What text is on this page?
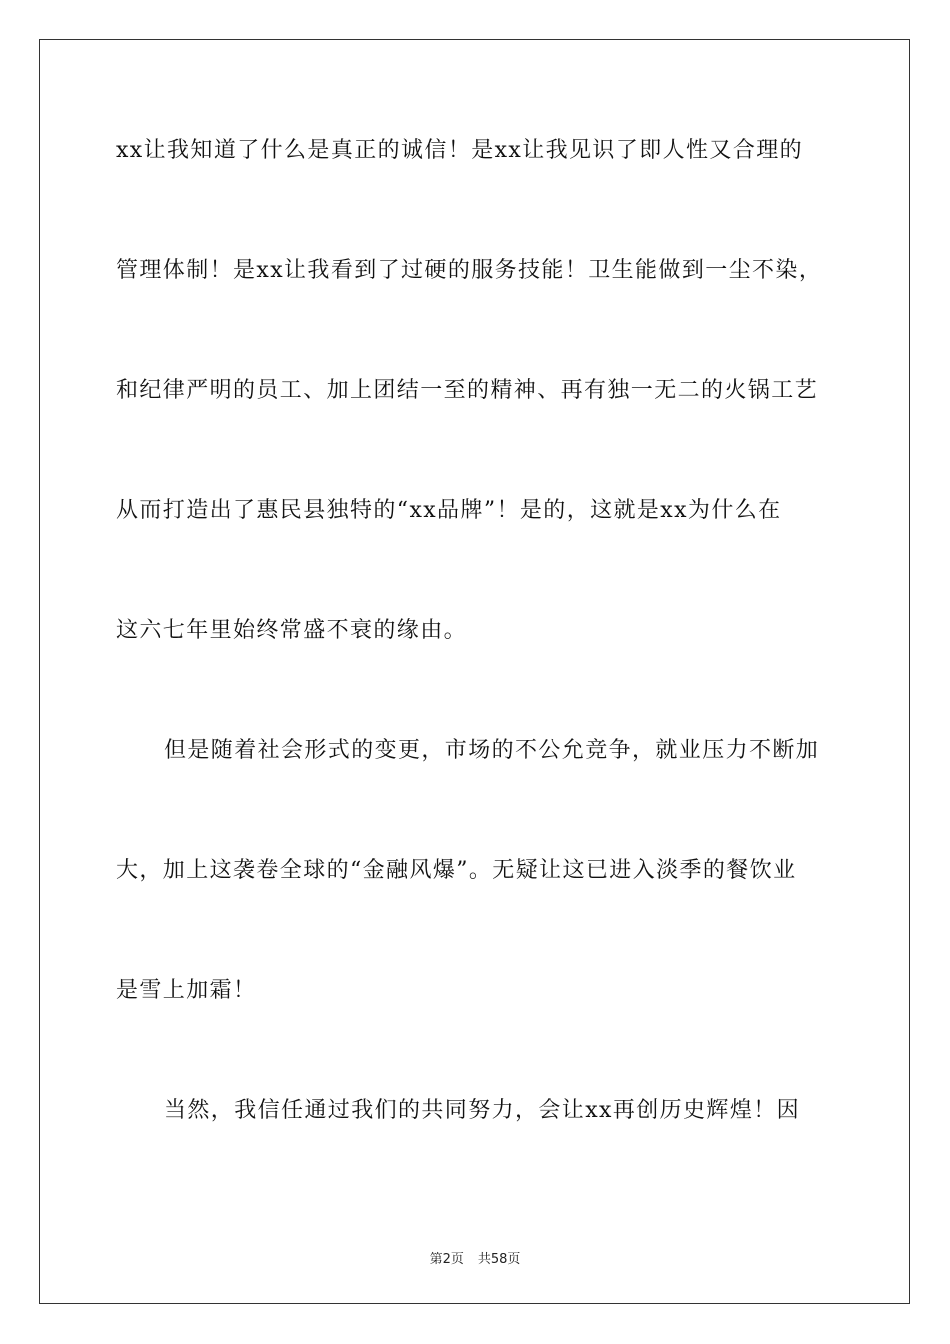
xx让我知道了什么是真正的诚信！是xx让我见识了即人性又合理的
管理体制！是xx让我看到了过硬的服务技能！卫生能做到一尘不染，
和纪律严明的员工、加上团结一至的精神、再有独一无二的火锅工艺
从而打造出了惠民县独特的“xx品牌”！是的，这就是xx为什么在
这六七年里始终常盛不衰的缘由。
但是随着社会形式的变更，市场的不公允竞争，就业压力不断加
大，加上这袭卷全球的“金融风爆”。无疑让这已进入淡季的餐饮业
是雪上加霜！
当然，我信任通过我们的共同努力，会让xx再创历史辉煌！因
第2页 共58页
